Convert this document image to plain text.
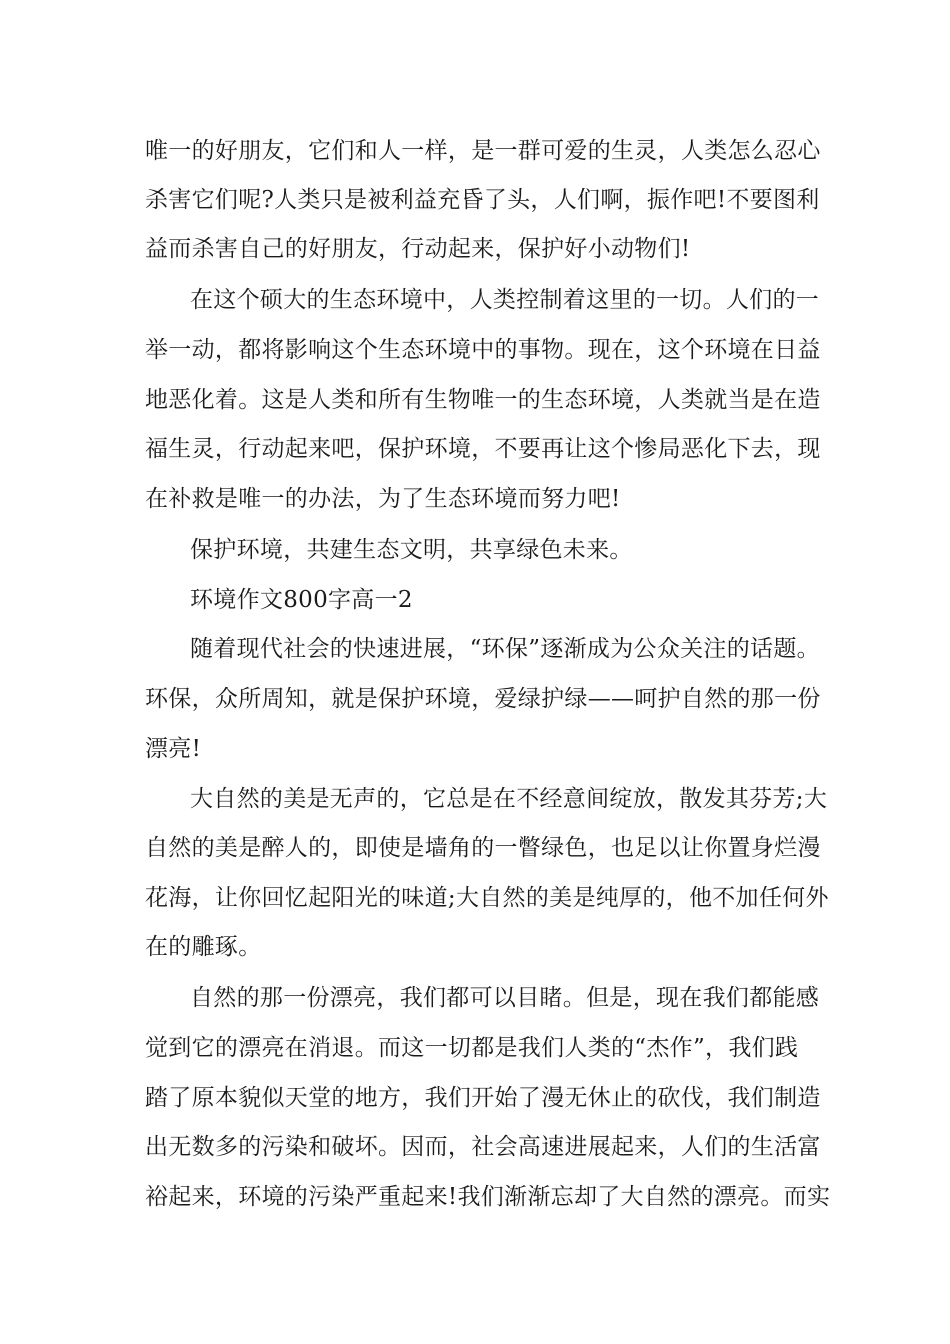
唯一的好朋友，它们和人一样，是一群可爱的生灵，人类怎么忍心
杀害它们呢?人类只是被利益充昏了头，人们啊，振作吧!不要图利
益而杀害自己的好朋友，行动起来，保护好小动物们!
在这个硕大的生态环境中，人类控制着这里的一切。人们的一
举一动，都将影响这个生态环境中的事物。现在，这个环境在日益
地恶化着。这是人类和所有生物唯一的生态环境，人类就当是在造
福生灵，行动起来吧，保护环境，不要再让这个惨局恶化下去，现
在补救是唯一的办法，为了生态环境而努力吧!
保护环境，共建生态文明，共享绿色未来。
环境作文800字高一2
随着现代社会的快速进展，“环保”逐渐成为公众关注的话题。
环保，众所周知，就是保护环境，爱绿护绿——呵护自然的那一份
漂亮!
大自然的美是无声的，它总是在不经意间绽放，散发其芬芳;大
自然的美是醉人的，即使是墙角的一瞥绿色，也足以让你置身烂漫
花海，让你回忆起阳光的味道;大自然的美是纯厚的，他不加任何外
在的雕琢。
自然的那一份漂亮，我们都可以目睹。但是，现在我们都能感
觉到它的漂亮在消退。而这一切都是我们人类的“杰作”，我们践
踏了原本貌似天堂的地方，我们开始了漫无休止的砍伐，我们制造
出无数多的污染和破坏。因而，社会高速进展起来，人们的生活富
裕起来，环境的污染严重起来!我们渐渐忘却了大自然的漂亮。而实
